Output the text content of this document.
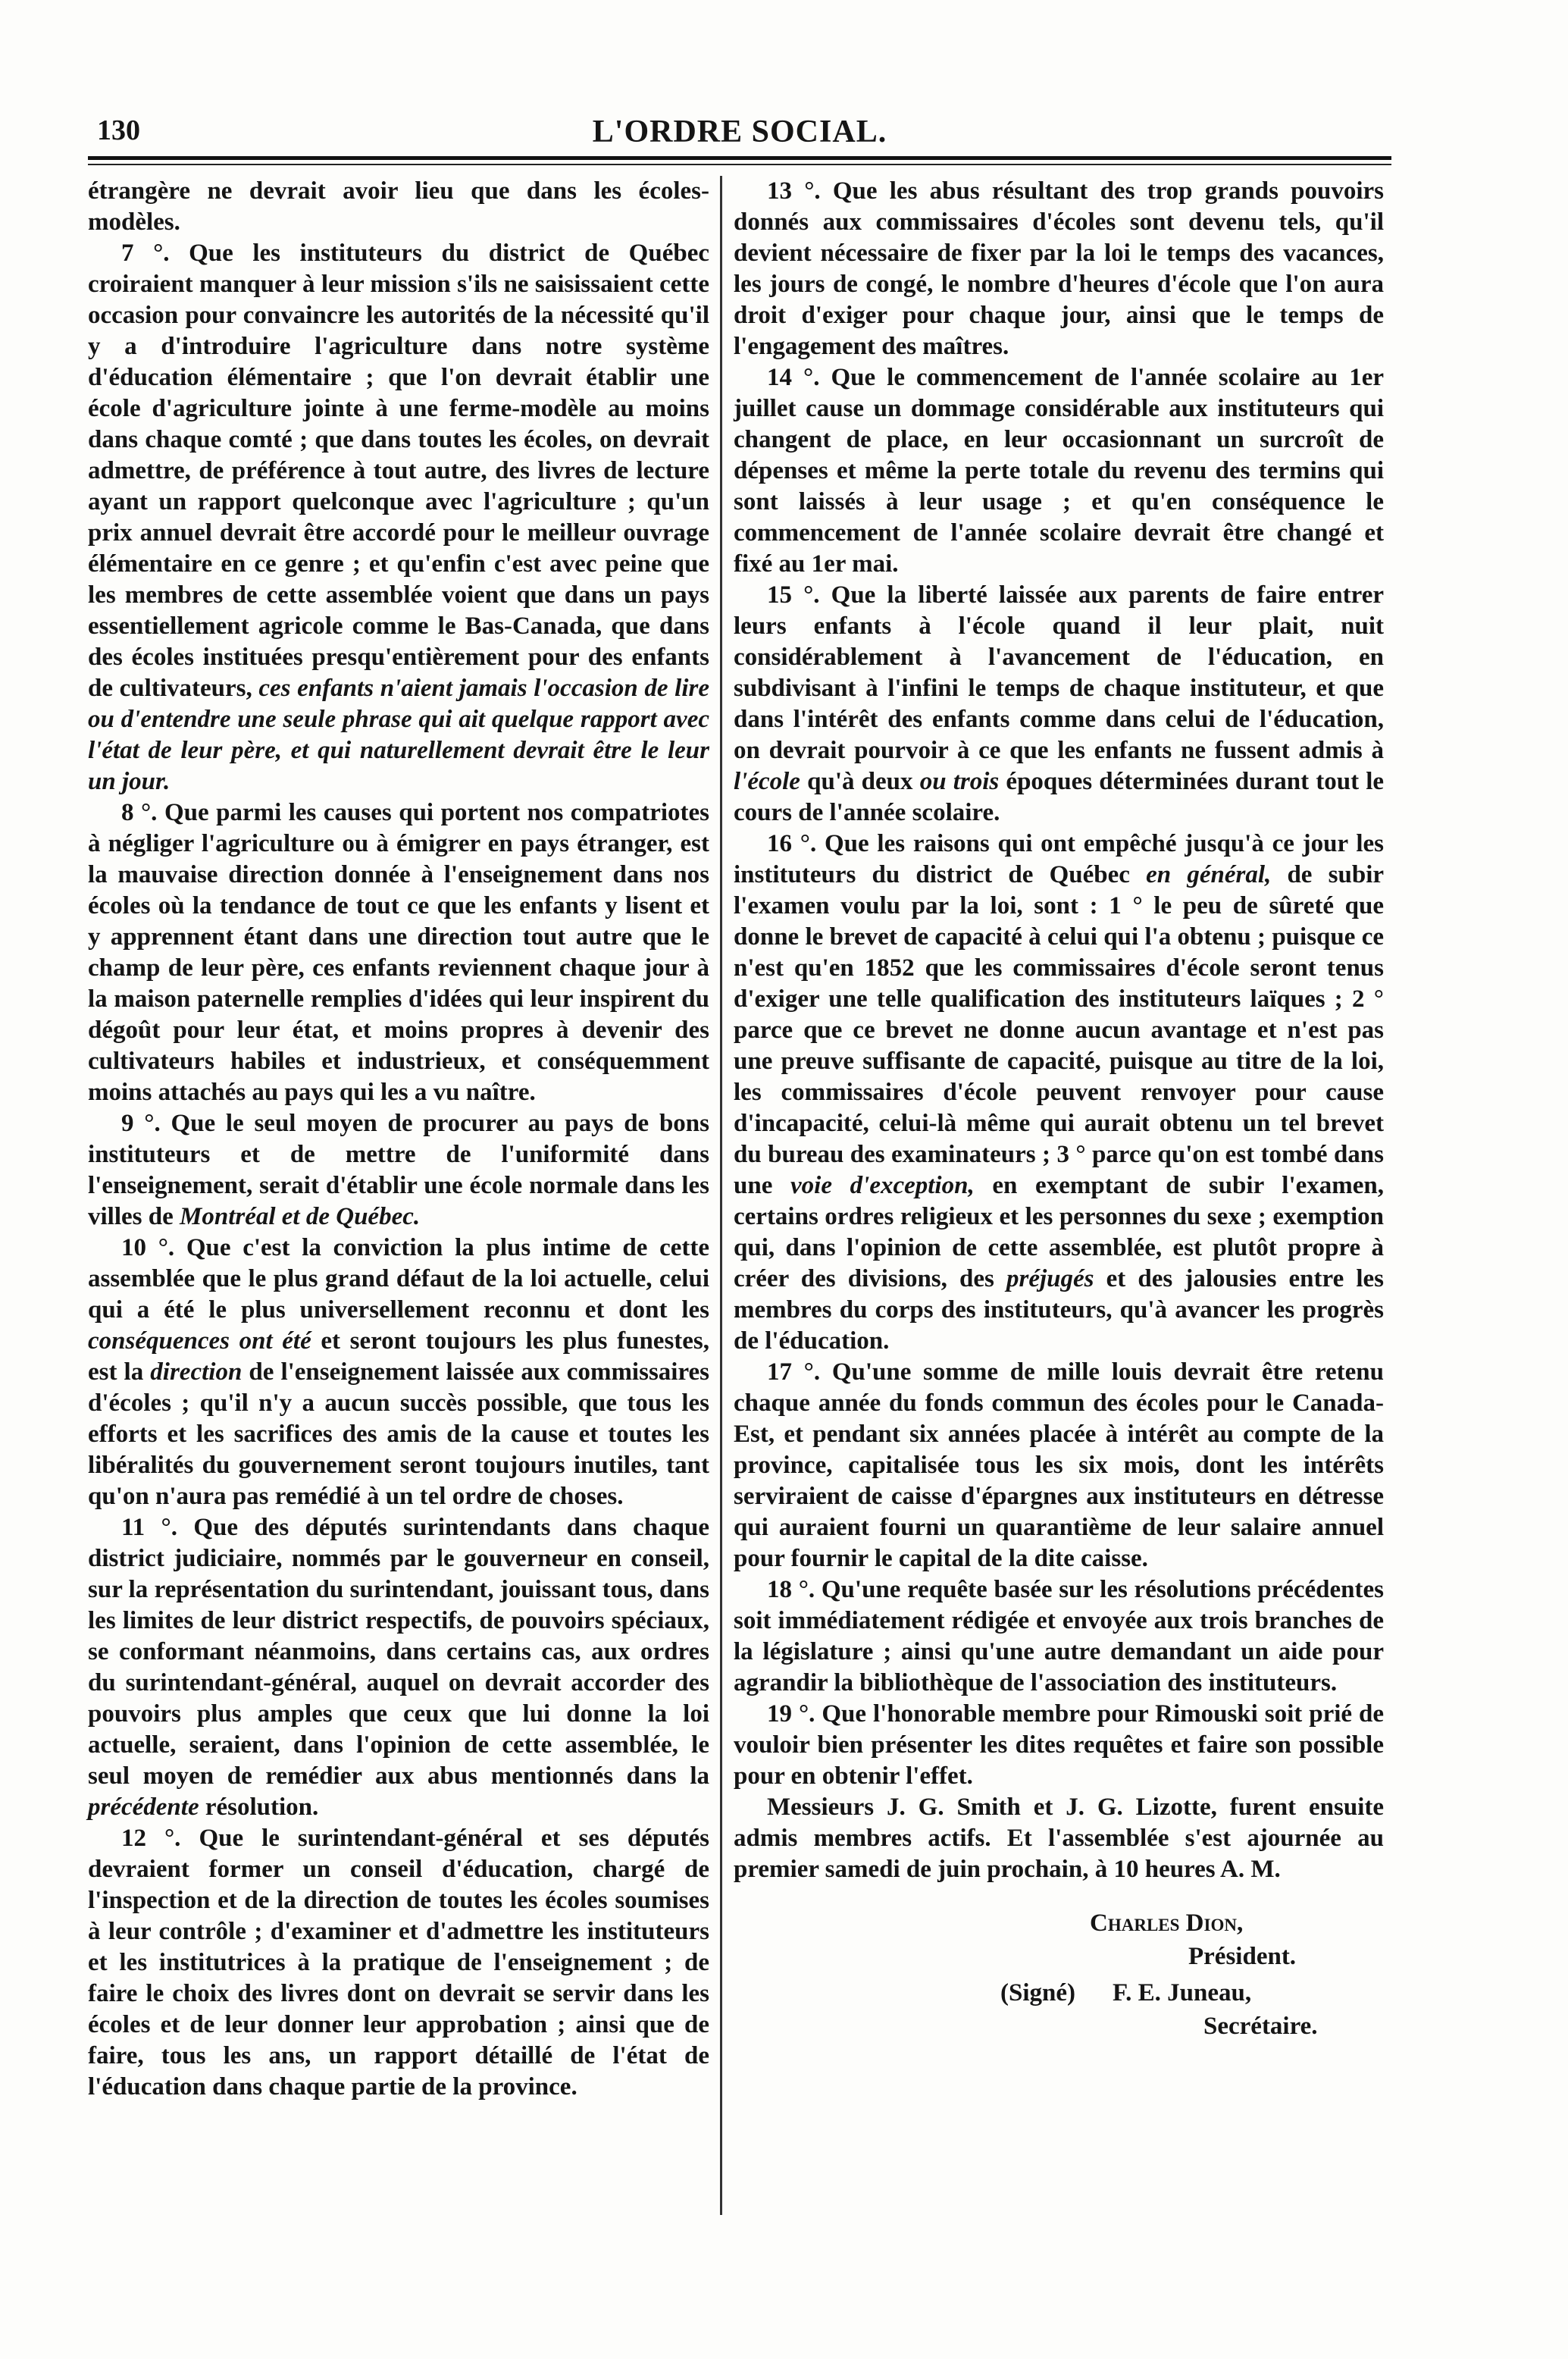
130	L'ORDRE SOCIAL.

étrangère ne devrait avoir lieu que dans les écoles-modèles.

7 °. Que les instituteurs du district de Québec croiraient manquer à leur mission s'ils ne saisissaient cette occasion pour convaincre les autorités de la nécessité qu'il y a d'introduire l'agriculture dans notre système d'éducation élémentaire ; que l'on devrait établir une école d'agriculture jointe à une ferme-modèle au moins dans chaque comté ; que dans toutes les écoles, on devrait admettre, de préférence à tout autre, des livres de lecture ayant un rapport quelconque avec l'agriculture ; qu'un prix annuel devrait être accordé pour le meilleur ouvrage élémentaire en ce genre ; et qu'enfin c'est avec peine que les membres de cette assemblée voient que dans un pays essentiellement agricole comme le Bas-Canada, que dans des écoles instituées presqu'entièrement pour des enfants de cultivateurs, ces enfants n'aient jamais l'occasion de lire ou d'entendre une seule phrase qui ait quelque rapport avec l'état de leur père, et qui naturellement devrait être le leur un jour.

8 °. Que parmi les causes qui portent nos compatriotes à négliger l'agriculture ou à émigrer en pays étranger, est la mauvaise direction donnée à l'enseignement dans nos écoles où la tendance de tout ce que les enfants y lisent et y apprennent étant dans une direction tout autre que le champ de leur père, ces enfants reviennent chaque jour à la maison paternelle remplies d'idées qui leur inspirent du dégoût pour leur état, et moins propres à devenir des cultivateurs habiles et industrieux, et conséquemment moins attachés au pays qui les a vu naître.

9 °. Que le seul moyen de procurer au pays de bons instituteurs et de mettre de l'uniformité dans l'enseignement, serait d'établir une école normale dans les villes de Montréal et de Québec.

10 °. Que c'est la conviction la plus intime de cette assemblée que le plus grand défaut de la loi actuelle, celui qui a été le plus universellement reconnu et dont les conséquences ont été et seront toujours les plus funestes, est la direction de l'enseignement laissée aux commissaires d'écoles ; qu'il n'y a aucun succès possible, que tous les efforts et les sacrifices des amis de la cause et toutes les libéralités du gouvernement seront toujours inutiles, tant qu'on n'aura pas remédié à un tel ordre de choses.

11 °. Que des députés surintendants dans chaque district judiciaire, nommés par le gouverneur en conseil, sur la représentation du surintendant, jouissant tous, dans les limites de leur district respectifs, de pouvoirs spéciaux, se conformant néanmoins, dans certains cas, aux ordres du surintendant-général, auquel on devrait accorder des pouvoirs plus amples que ceux que lui donne la loi actuelle, seraient, dans l'opinion de cette assemblée, le seul moyen de remédier aux abus mentionnés dans la précédente résolution.

12 °. Que le surintendant-général et ses députés devraient former un conseil d'éducation, chargé de l'inspection et de la direction de toutes les écoles soumises à leur contrôle ; d'examiner et d'admettre les instituteurs et les institutrices à la pratique de l'enseignement ; de faire le choix des livres dont on devrait se servir dans les écoles et de leur donner leur approbation ; ainsi que de faire, tous les ans, un rapport détaillé de l'état de l'éducation dans chaque partie de la province.

13 °. Que les abus résultant des trop grands pouvoirs donnés aux commissaires d'écoles sont devenu tels, qu'il devient nécessaire de fixer par la loi le temps des vacances, les jours de congé, le nombre d'heures d'école que l'on aura droit d'exiger pour chaque jour, ainsi que le temps de l'engagement des maîtres.

14 °. Que le commencement de l'année scolaire au 1er juillet cause un dommage considérable aux instituteurs qui changent de place, en leur occasionnant un surcroît de dépenses et même la perte totale du revenu des termins qui sont laissés à leur usage ; et qu'en conséquence le commencement de l'année scolaire devrait être changé et fixé au 1er mai.

15 °. Que la liberté laissée aux parents de faire entrer leurs enfants à l'école quand il leur plait, nuit considérablement à l'avancement de l'éducation, en subdivisant à l'infini le temps de chaque instituteur, et que dans l'intérêt des enfants comme dans celui de l'éducation, on devrait pourvoir à ce que les enfants ne fussent admis à l'école qu'à deux ou trois époques déterminées durant tout le cours de l'année scolaire.

16 °. Que les raisons qui ont empêché jusqu'à ce jour les instituteurs du district de Québec en général, de subir l'examen voulu par la loi, sont : 1 ° le peu de sûreté que donne le brevet de capacité à celui qui l'a obtenu ; puisque ce n'est qu'en 1852 que les commissaires d'école seront tenus d'exiger une telle qualification des instituteurs laïques ; 2 ° parce que ce brevet ne donne aucun avantage et n'est pas une preuve suffisante de capacité, puisque au titre de la loi, les commissaires d'école peuvent renvoyer pour cause d'incapacité, celui-là même qui aurait obtenu un tel brevet du bureau des examinateurs ; 3 ° parce qu'on est tombé dans une voie d'exception, en exemptant de subir l'examen, certains ordres religieux et les personnes du sexe ; exemption qui, dans l'opinion de cette assemblée, est plutôt propre à créer des divisions, des préjugés et des jalousies entre les membres du corps des instituteurs, qu'à avancer les progrès de l'éducation.

17 °. Qu'une somme de mille louis devrait être retenu chaque année du fonds commun des écoles pour le Canada-Est, et pendant six années placée à intérêt au compte de la province, capitalisée tous les six mois, dont les intérêts serviraient de caisse d'épargnes aux instituteurs en détresse qui auraient fourni un quarantième de leur salaire annuel pour fournir le capital de la dite caisse.

18 °. Qu'une requête basée sur les résolutions précédentes soit immédiatement rédigée et envoyée aux trois branches de la législature ; ainsi qu'une autre demandant un aide pour agrandir la bibliothèque de l'association des instituteurs.

19 °. Que l'honorable membre pour Rimouski soit prié de vouloir bien présenter les dites requêtes et faire son possible pour en obtenir l'effet.

Messieurs J. G. Smith et J. G. Lizotte, furent ensuite admis membres actifs. Et l'assemblée s'est ajournée au premier samedi de juin prochain, à 10 heures A. M.

Charles Dion,
Président.
(Signé) F. E. Juneau,
Secrétaire.
